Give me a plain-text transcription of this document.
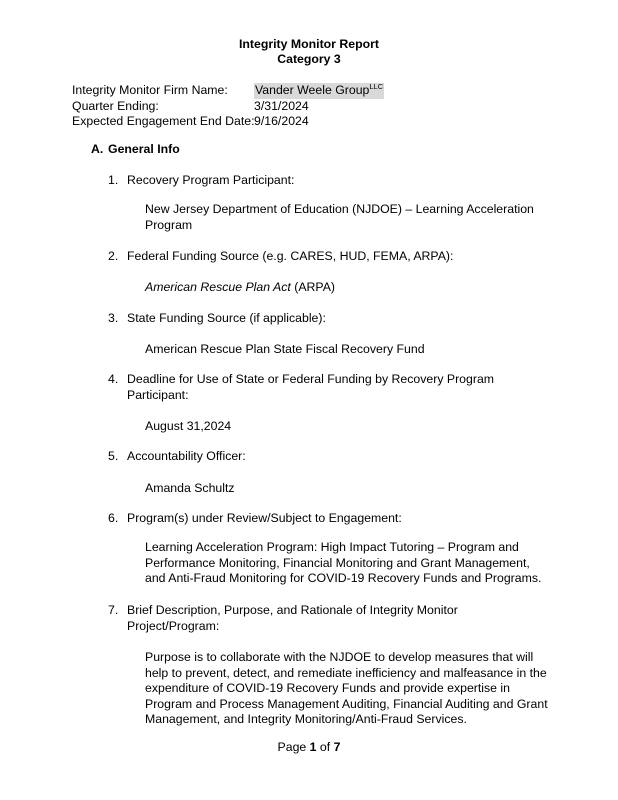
Integrity Monitor Report
Category 3
Integrity Monitor Firm Name:	Vander Weele Group$^{LLC}$
Quarter Ending:	3/31/2024
Expected Engagement End Date: 9/16/2024
A. General Info
1. Recovery Program Participant:
New Jersey Department of Education (NJDOE) – Learning Acceleration Program
2. Federal Funding Source (e.g. CARES, HUD, FEMA, ARPA):
American Rescue Plan Act (ARPA)
3. State Funding Source (if applicable):
American Rescue Plan State Fiscal Recovery Fund
4. Deadline for Use of State or Federal Funding by Recovery Program Participant:
August 31,2024
5. Accountability Officer:
Amanda Schultz
6. Program(s) under Review/Subject to Engagement:
Learning Acceleration Program: High Impact Tutoring – Program and Performance Monitoring, Financial Monitoring and Grant Management, and Anti-Fraud Monitoring for COVID-19 Recovery Funds and Programs.
7. Brief Description, Purpose, and Rationale of Integrity Monitor Project/Program:
Purpose is to collaborate with the NJDOE to develop measures that will help to prevent, detect, and remediate inefficiency and malfeasance in the expenditure of COVID-19 Recovery Funds and provide expertise in Program and Process Management Auditing, Financial Auditing and Grant Management, and Integrity Monitoring/Anti-Fraud Services.
Page 1 of 7
